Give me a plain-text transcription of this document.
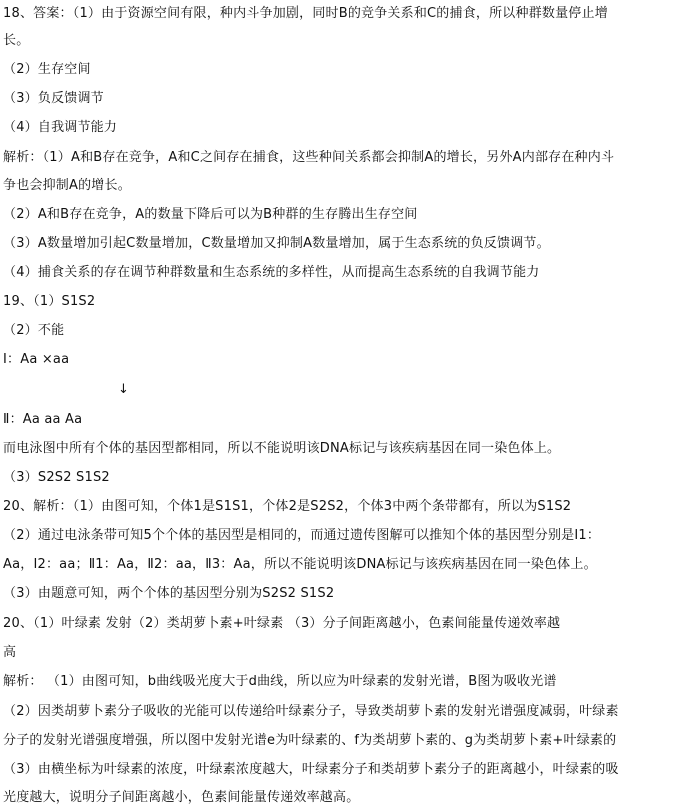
18、答案：（1）由于资源空间有限，种内斗争加剧，同时B的竞争关系和C的捕食，所以种群数量停止增
长。
（2）生存空间
（3）负反馈调节
（4）自我调节能力
解析：（1）A和B存在竞争，A和C之间存在捕食，这些种间关系都会抑制A的增长，另外A内部存在种内斗
争也会抑制A的增长。
（2）A和B存在竞争，A的数量下降后可以为B种群的生存腾出生存空间
（3）A数量增加引起C数量增加，C数量增加又抑制A数量增加，属于生态系统的负反馈调节。
（4）捕食关系的存在调节种群数量和生态系统的多样性，从而提高生态系统的自我调节能力
19、（1）S1S2
（2）不能
Ⅰ：Aa ×aa
↓
Ⅱ：Aa aa Aa
而电泳图中所有个体的基因型都相同，所以不能说明该DNA标记与该疾病基因在同一染色体上。
（3）S2S2 S1S2
20、解析：（1）由图可知，个体1是S1S1，个体2是S2S2，个体3中两个条带都有，所以为S1S2
（2）通过电泳条带可知5个个体的基因型是相同的，而通过遗传图解可以推知个体的基因型分别是Ⅰ1：
Aa，Ⅰ2：aa；Ⅱ1：Aa，Ⅱ2：aa，Ⅱ3：Aa，所以不能说明该DNA标记与该疾病基因在同一染色体上。
（3）由题意可知，两个个体的基因型分别为S2S2 S1S2
20、（1）叶绿素 发射（2）类胡萝卜素+叶绿素 （3）分子间距离越小，色素间能量传递效率越
高
解析： （1）由图可知，b曲线吸光度大于d曲线，所以应为叶绿素的发射光谱，B图为吸收光谱
（2）因类胡萝卜素分子吸收的光能可以传递给叶绿素分子，导致类胡萝卜素的发射光谱强度减弱，叶绿素
分子的发射光谱强度增强，所以图中发射光谱e为叶绿素的、f为类胡萝卜素的、g为类胡萝卜素+叶绿素的
（3）由横坐标为叶绿素的浓度，叶绿素浓度越大，叶绿素分子和类胡萝卜素分子的距离越小，叶绿素的吸
光度越大，说明分子间距离越小，色素间能量传递效率越高。
